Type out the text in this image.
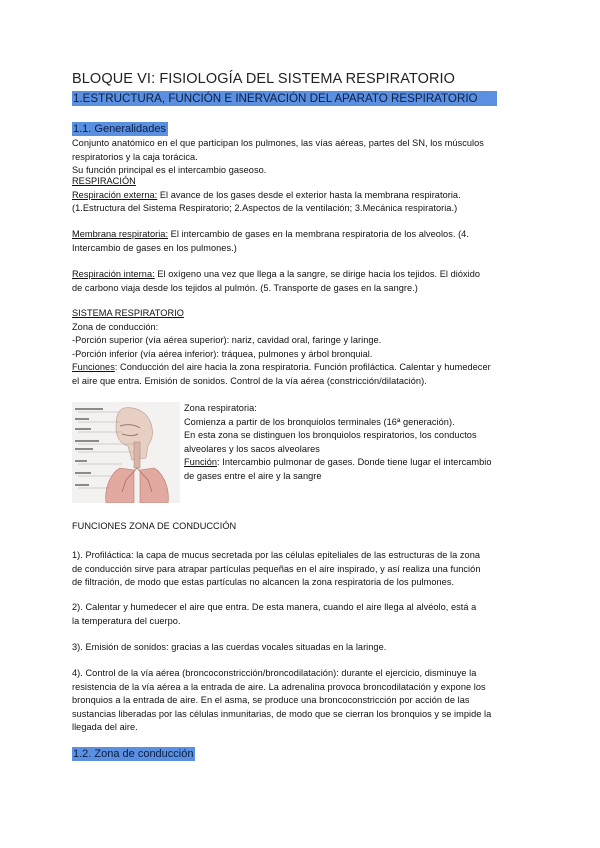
BLOQUE VI: FISIOLOGÍA DEL SISTEMA RESPIRATORIO
1.ESTRUCTURA, FUNCIÓN E INERVACIÓN DEL APARATO RESPIRATORIO
1.1. Generalidades
Conjunto anatómico en el que participan los pulmones, las vías aéreas, partes del SN, los músculos
respiratorios y la caja torácica.
Su función principal es el intercambio gaseoso.
RESPIRACIÓN
Respiración externa: El avance de los gases desde el exterior hasta la membrana respiratoria.
(1.Estructura del Sistema Respiratorio; 2.Aspectos de la ventilación; 3.Mecánica respiratoria.)
Membrana respiratoria: El intercambio de gases en la membrana respiratoria de los alveolos. (4.
Intercambio de gases en los pulmones.)
Respiración interna: El oxígeno una vez que llega a la sangre, se dirige hacia los tejidos. El dióxido
de carbono viaja desde los tejidos al pulmón. (5. Transporte de gases en la sangre.)
SISTEMA RESPIRATORIO
Zona de conducción:
-Porción superior (vía aérea superior): nariz, cavidad oral, faringe y laringe.
-Porción inferior (vía aérea inferior): tráquea, pulmones y árbol bronquial.
Funciones: Conducción del aire hacia la zona respiratoria. Función profiláctica. Calentar y humedecer
el aire que entra. Emisión de sonidos. Control de la vía aérea (constricción/dilatación).
Zona respiratoria:
Comienza a partir de los bronquiolos terminales (16ª generación).
En esta zona se distinguen los bronquiolos respiratorios, los conductos
alveolares y los sacos alveolares
Función: Intercambio pulmonar de gases. Donde tiene lugar el intercambio
de gases entre el aire y la sangre
FUNCIONES ZONA DE CONDUCCIÓN
1). Profiláctica: la capa de mucus secretada por las células epiteliales de las estructuras de la zona
de conducción sirve para atrapar partículas pequeñas en el aire inspirado, y así realiza una función
de filtración, de modo que estas partículas no alcancen la zona respiratoria de los pulmones.
2). Calentar y humedecer el aire que entra. De esta manera, cuando el aire llega al alvéolo, está a
la temperatura del cuerpo.
3). Emisión de sonidos: gracias a las cuerdas vocales situadas en la laringe.
4). Control de la vía aérea (broncoconstricción/broncodilatación): durante el ejercicio, disminuye la
resistencia de la vía aérea a la entrada de aire. La adrenalina provoca broncodilatación y expone los
bronquios a la entrada de aire. En el asma, se produce una broncoconstricción por acción de las
sustancias liberadas por las células inmunitarias, de modo que se cierran los bronquios y se impide la
llegada del aire.
1.2. Zona de conducción
